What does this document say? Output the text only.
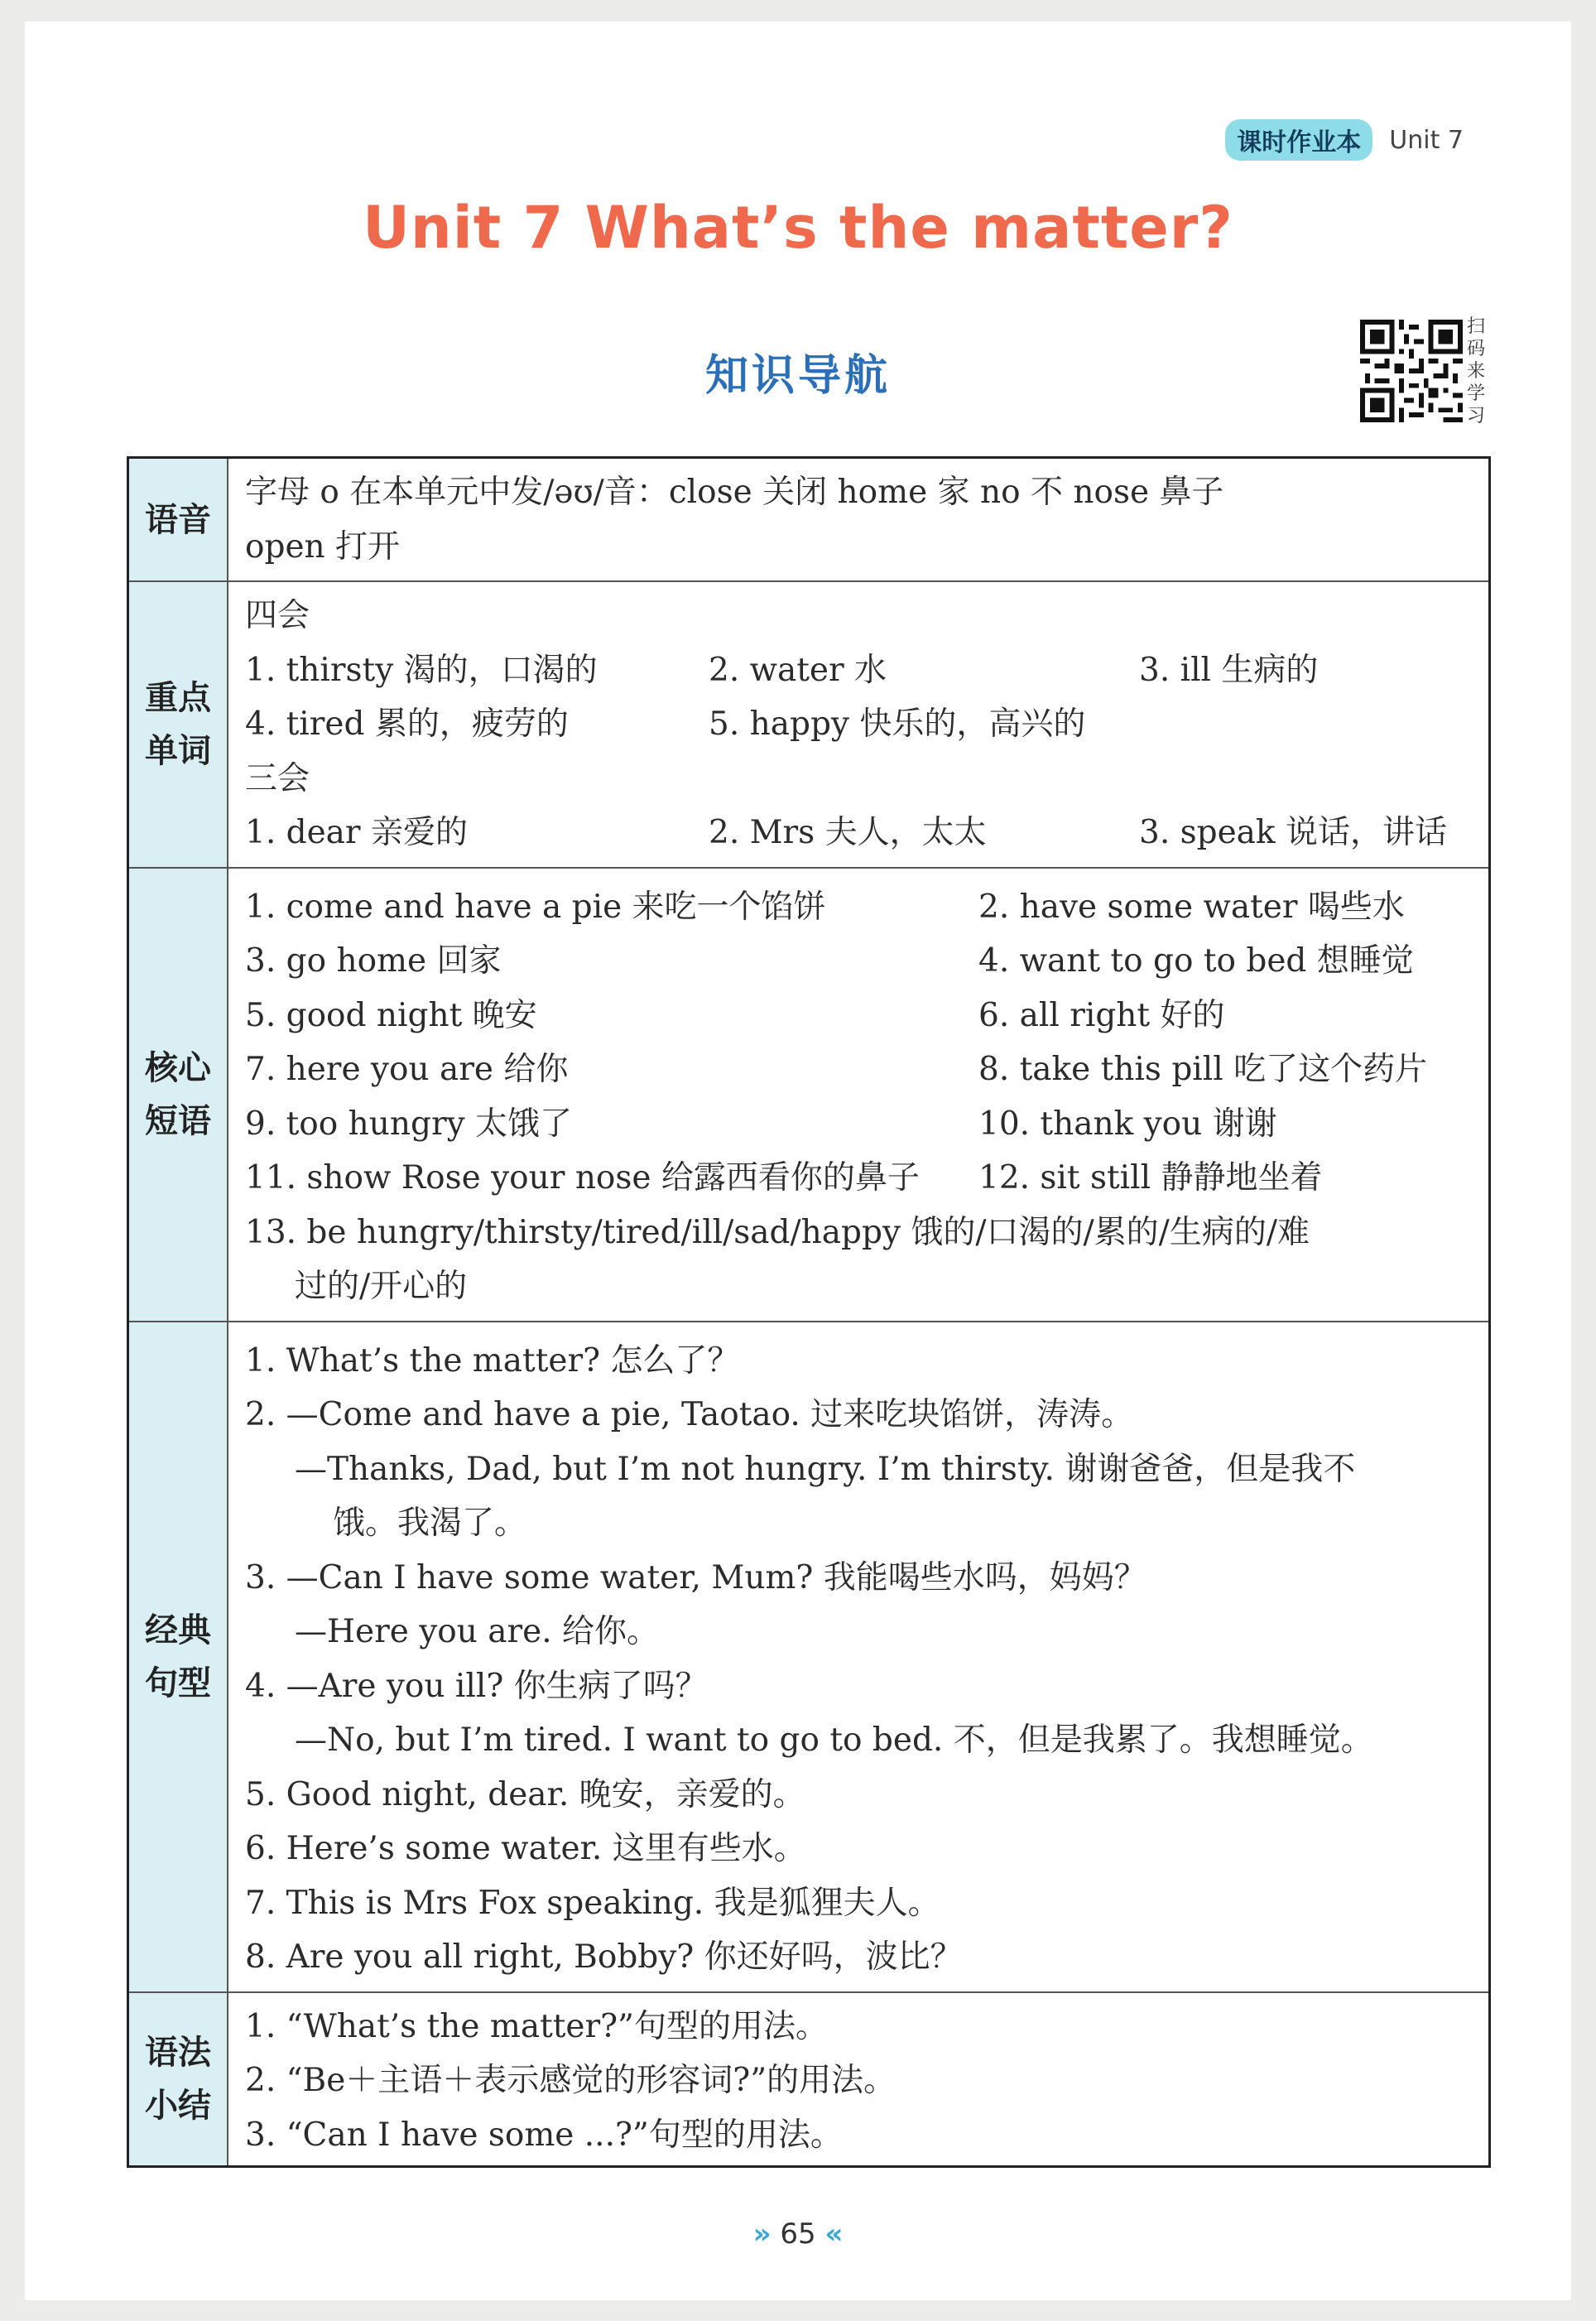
课时作业本	Unit 7
Unit 7 What’s the matter?
知识导航
扫码来学习
语音
字母 o 在本单元中发/əʊ/音：close 关闭 home 家 no 不 nose 鼻子
open 打开
重点单词
四会
1. thirsty 渴的，口渴的	2. water 水	3. ill 生病的
4. tired 累的，疲劳的	5. happy 快乐的，高兴的
三会
1. dear 亲爱的	2. Mrs 夫人，太太	3. speak 说话，讲话
核心短语
1. come and have a pie 来吃一个馅饼	2. have some water 喝些水
3. go home 回家	4. want to go to bed 想睡觉
5. good night 晚安	6. all right 好的
7. here you are 给你	8. take this pill 吃了这个药片
9. too hungry 太饿了	10. thank you 谢谢
11. show Rose your nose 给露西看你的鼻子	12. sit still 静静地坐着
13. be hungry/thirsty/tired/ill/sad/happy 饿的/口渴的/累的/生病的/难
过的/开心的
经典句型
1. What’s the matter? 怎么了？
2. —Come and have a pie, Taotao. 过来吃块馅饼，涛涛。
—Thanks, Dad, but I’m not hungry. I’m thirsty. 谢谢爸爸，但是我不
饿。我渴了。
3. —Can I have some water, Mum? 我能喝些水吗，妈妈？
—Here you are. 给你。
4. —Are you ill? 你生病了吗？
—No, but I’m tired. I want to go to bed. 不，但是我累了。我想睡觉。
5. Good night, dear. 晚安，亲爱的。
6. Here’s some water. 这里有些水。
7. This is Mrs Fox speaking. 我是狐狸夫人。
8. Are you all right, Bobby? 你还好吗，波比？
语法小结
1. “What’s the matter?”句型的用法。
2. “Be＋主语＋表示感觉的形容词?”的用法。
3. “Can I have some ...?”句型的用法。
» 65 «
